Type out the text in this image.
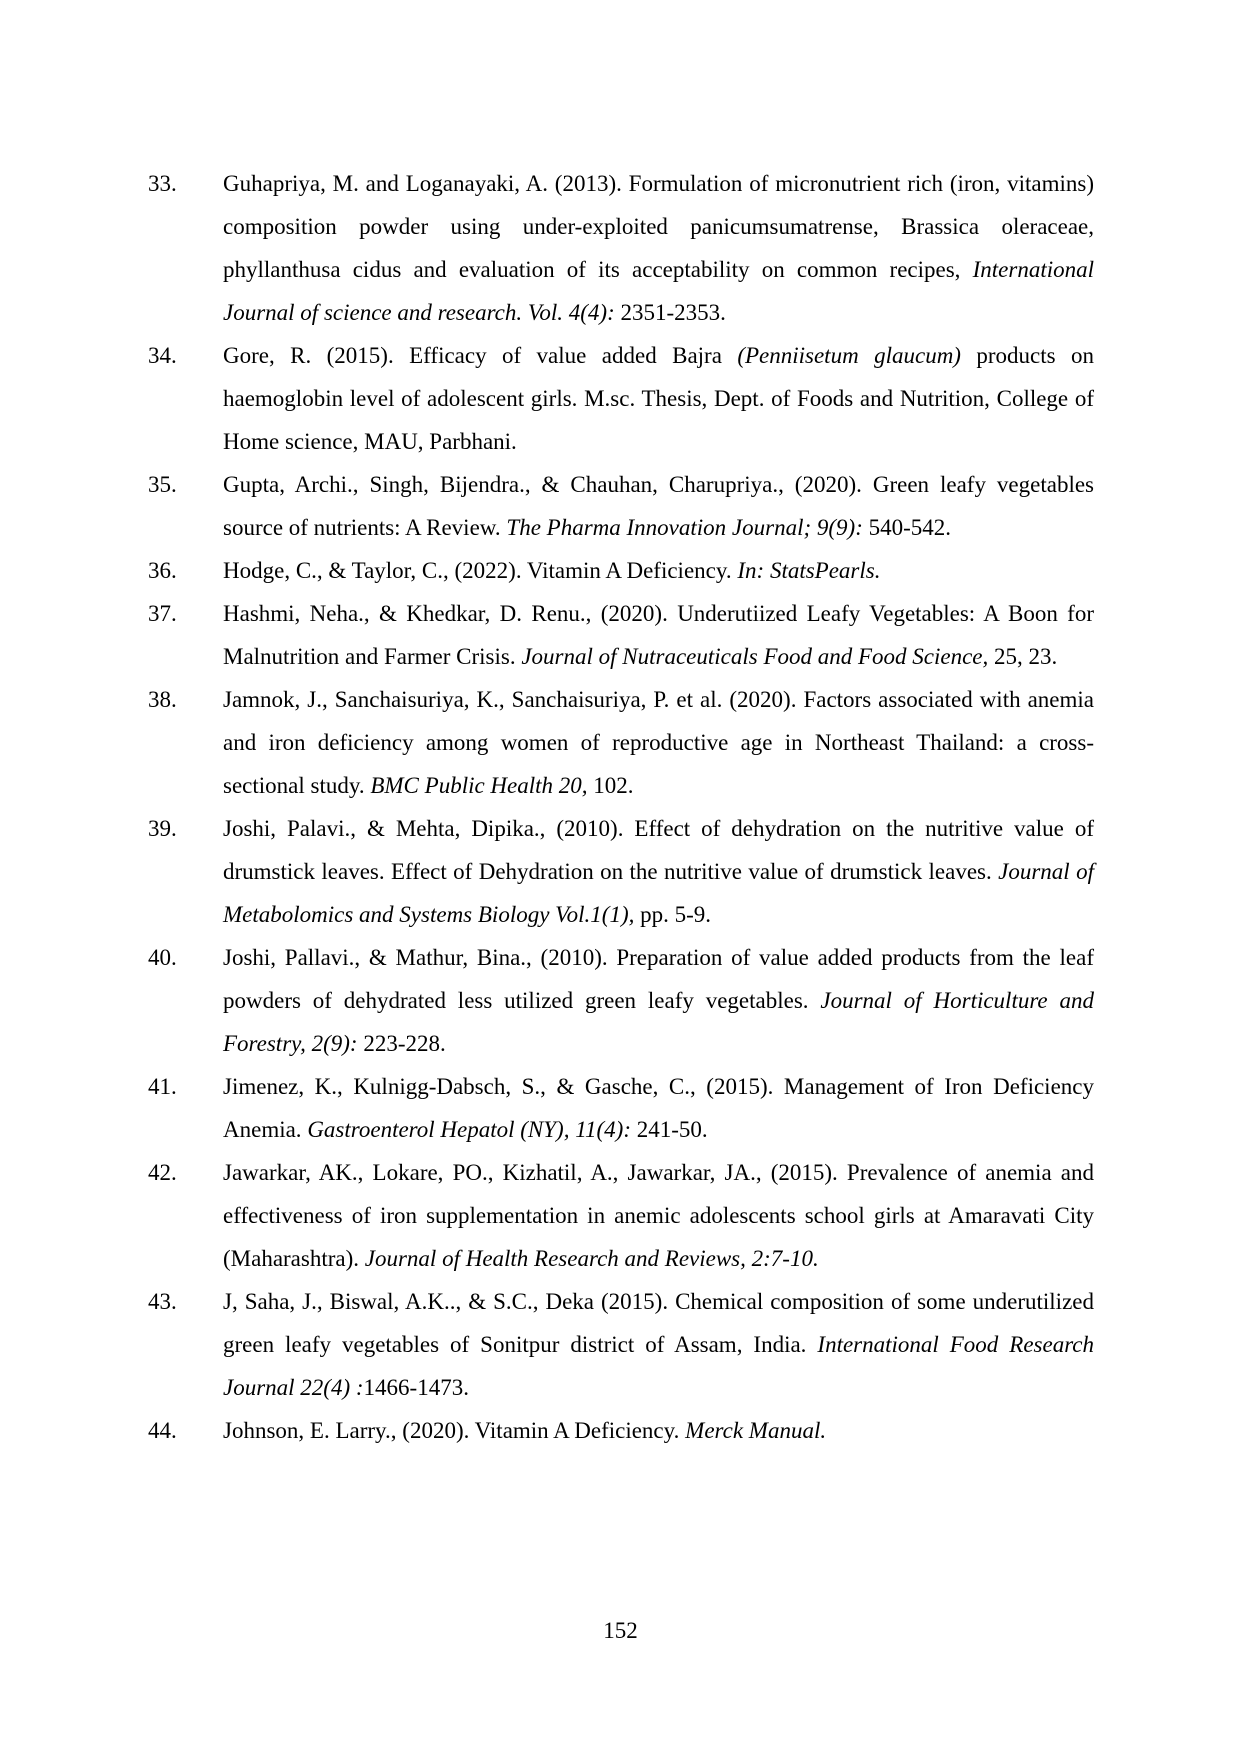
33. Guhapriya, M. and Loganayaki, A. (2013). Formulation of micronutrient rich (iron, vitamins) composition powder using under-exploited panicumsumatrense, Brassica oleraceae, phyllanthusa cidus and evaluation of its acceptability on common recipes, International Journal of science and research. Vol. 4(4): 2351-2353.
34. Gore, R. (2015). Efficacy of value added Bajra (Penniisetum glaucum) products on haemoglobin level of adolescent girls. M.sc. Thesis, Dept. of Foods and Nutrition, College of Home science, MAU, Parbhani.
35. Gupta, Archi., Singh, Bijendra., & Chauhan, Charupriya., (2020). Green leafy vegetables source of nutrients: A Review. The Pharma Innovation Journal; 9(9): 540-542.
36. Hodge, C., & Taylor, C., (2022). Vitamin A Deficiency. In: StatsPearls.
37. Hashmi, Neha., & Khedkar, D. Renu., (2020). Underutiized Leafy Vegetables: A Boon for Malnutrition and Farmer Crisis. Journal of Nutraceuticals Food and Food Science, 25, 23.
38. Jamnok, J., Sanchaisuriya, K., Sanchaisuriya, P. et al. (2020). Factors associated with anemia and iron deficiency among women of reproductive age in Northeast Thailand: a cross-sectional study. BMC Public Health 20, 102.
39. Joshi, Palavi., & Mehta, Dipika., (2010). Effect of dehydration on the nutritive value of drumstick leaves. Effect of Dehydration on the nutritive value of drumstick leaves. Journal of Metabolomics and Systems Biology Vol.1(1), pp. 5-9.
40. Joshi, Pallavi., & Mathur, Bina., (2010). Preparation of value added products from the leaf powders of dehydrated less utilized green leafy vegetables. Journal of Horticulture and Forestry, 2(9): 223-228.
41. Jimenez, K., Kulnigg-Dabsch, S., & Gasche, C., (2015). Management of Iron Deficiency Anemia. Gastroenterol Hepatol (NY), 11(4): 241-50.
42. Jawarkar, AK., Lokare, PO., Kizhatil, A., Jawarkar, JA., (2015). Prevalence of anemia and effectiveness of iron supplementation in anemic adolescents school girls at Amaravati City (Maharashtra). Journal of Health Research and Reviews, 2:7-10.
43. J, Saha, J., Biswal, A.K.., & S.C., Deka (2015). Chemical composition of some underutilized green leafy vegetables of Sonitpur district of Assam, India. International Food Research Journal 22(4) :1466-1473.
44. Johnson, E. Larry., (2020). Vitamin A Deficiency. Merck Manual.
152
